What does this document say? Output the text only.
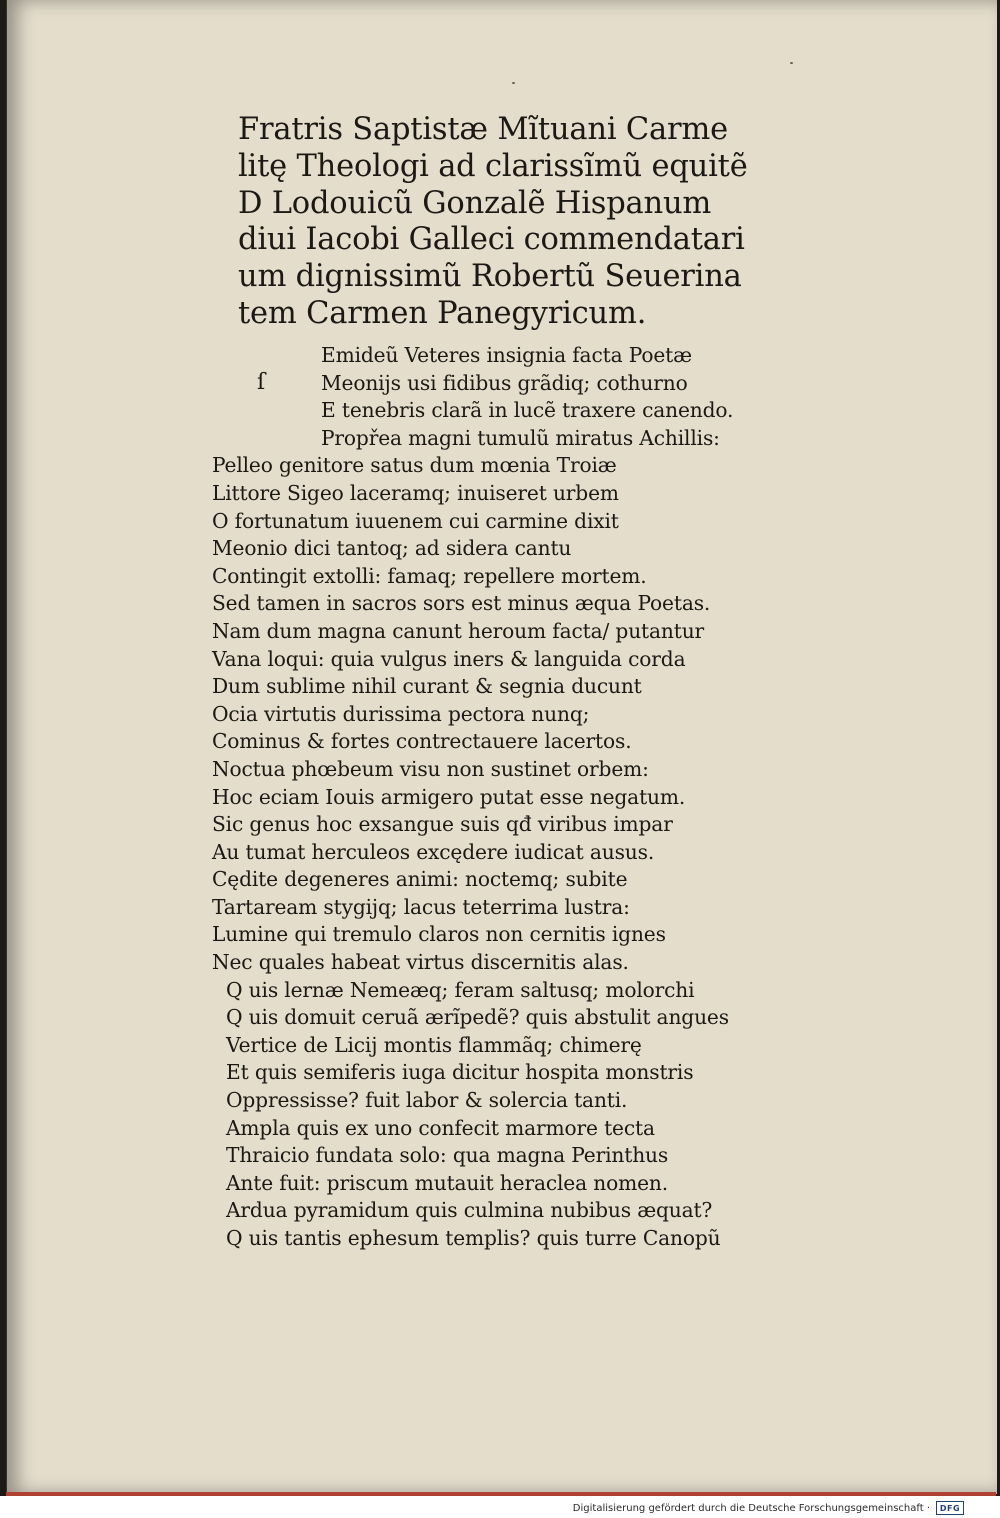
Fratris Saptistæ Mĩtuani Carme
litę Theologi ad clarissĩmũ equitẽ
D Lodouicũ Gonzalẽ Hispanum
diui Iacobi Galleci commendatari
um dignissimũ Robertũ Seuerina
tem Carmen Panegyricum.
ſ
Emideũ Veteres insignia facta Poetæ
Meonijs usi fidibus grãdiq; cothurno
E tenebris clarã in lucẽ traxere canendo.
Propřea magni tumulũ miratus Achillis:
Pelleo genitore satus dum mœnia Troiæ
Littore Sigeo laceramq; inuiseret urbem
O fortunatum iuuenem cui carmine dixit
Meonio dici tantoq; ad sidera cantu
Contingit extolli: famaq; repellere mortem.
Sed tamen in sacros sors est minus æqua Poetas.
Nam dum magna canunt heroum facta/ putantur
Vana loqui: quia vulgus iners & languida corda
Dum sublime nihil curant & segnia ducunt
Ocia virtutis durissima pectora nunq;
Cominus & fortes contrectauere lacertos.
Noctua phœbeum visu non sustinet orbem:
Hoc eciam Iouis armigero putat esse negatum.
Sic genus hoc exsangue suis qđ viribus impar
Au tumat herculeos excędere iudicat ausus.
Cędite degeneres animi: noctemq; subite
Tartaream stygijq; lacus teterrima lustra:
Lumine qui tremulo claros non cernitis ignes
Nec quales habeat virtus discernitis alas.
Q uis lernæ Nemeæq; feram saltusq; molorchi
Q uis domuit ceruã ærĩpedẽ? quis abstulit angues
Vertice de Licij montis flammãq; chimerę
Et quis semiferis iuga dicitur hospita monstris
Oppressisse? fuit labor & solercia tanti.
Ampla quis ex uno confecit marmore tecta
Thraicio fundata solo: qua magna Perinthus
Ante fuit: priscum mutauit heraclea nomen.
Ardua pyramidum quis culmina nubibus æquat?
Q uis tantis ephesum templis? quis turre Canopũ
Digitalisierung gefördert durch die Deutsche Forschungsgemeinschaft ·	DFG
